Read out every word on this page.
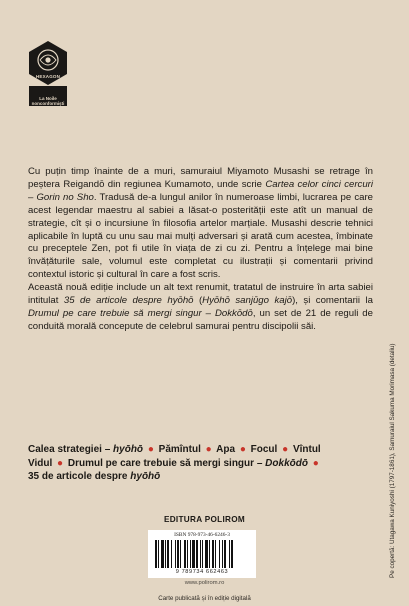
HEXAGON
La Noile
nonconformiști

Cu puțin timp înainte de a muri, samuraiul Miyamoto Musashi se retrage în peștera Reigandō din regiunea Kumamoto, unde scrie Cartea celor cinci cercuri – Gorin no Sho. Tradusă de-a lungul anilor în numeroase limbi, lucrarea pe care acest legendar maestru al sabiei a lăsat-o posterității este atît un manual de strategie, cît și o incursiune în filosofia artelor marțiale. Musashi descrie tehnici aplicabile în luptă cu unu sau mai mulți adversari și arată cum acestea, îmbinate cu preceptele Zen, pot fi utile în viața de zi cu zi. Pentru a înțelege mai bine învățăturile sale, volumul este completat cu ilustrații și comentarii privind contextul istoric și cultural în care a fost scris.

Această nouă ediție include un alt text renumit, tratatul de instruire în arta sabiei intitulat 35 de articole despre hyōhō (Hyōhō sanjūgo kajō), și comentarii la Drumul pe care trebuie să mergi singur – Dokkōdō, un set de 21 de reguli de conduită morală concepute de celebrul samurai pentru discipolii săi.

Calea strategiei – hyōhō ● Pămîntul ● Apa ● Focul ● Vîntul
Vidul ● Drumul pe care trebuie să mergi singur – Dokkōdō ●
35 de articole despre hyōhō
EDITURA POLIROM
ISBN 978-973-46-6246-3
9 789734 662463
www.polirom.ro
Carte publicată și în ediție digitală
Pe copertă: Utagawa Kuniyoshi (1797-1861), Samuraiul Sakuma Morimasa (detaliu)
